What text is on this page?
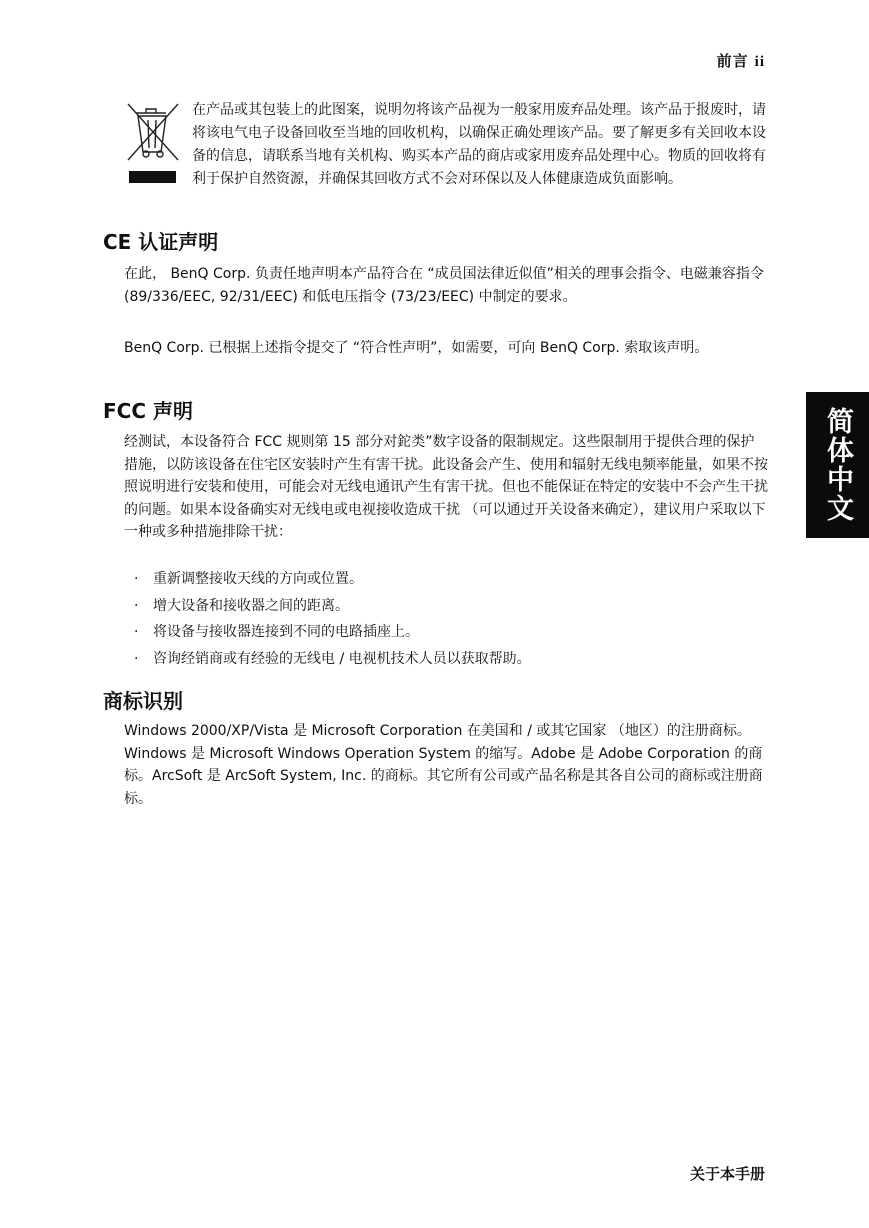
前言 ii

在产品或其包装上的此图案，说明勿将该产品视为一般家用废弃品处理。该产品于报废时，请将该电气电子设备回收至当地的回收机构，以确保正确处理该产品。要了解更多有关回收本设备的信息，请联系当地有关机构、购买本产品的商店或家用废弃品处理中心。物质的回收将有利于保护自然资源，并确保其回收方式不会对环保以及人体健康造成负面影响。

简体中文
CE 认证声明

在此， BenQ Corp. 负责任地声明本产品符合在 “成员国法律近似值”相关的理事会指令、电磁兼容指令 (89/336/EEC, 92/31/EEC) 和低电压指令 (73/23/EEC) 中制定的要求。

BenQ Corp. 已根据上述指令提交了 “符合性声明”，如需要，可向 BenQ Corp. 索取该声明。

FCC 声明

经测试，本设备符合 FCC 规则第 15 部分对鉈类”数字设备的限制规定。这些限制用于提供合理的保护措施，以防该设备在住宅区安装时产生有害干扰。此设备会产生、使用和辐射无线电频率能量，如果不按照说明进行安装和使用，可能会对无线电通讯产生有害干扰。但也不能保证在特定的安装中不会产生干扰的问题。如果本设备确实对无线电或电视接收造成干扰 （可以通过开关设备来确定），建议用户采取以下一种或多种措施排除干扰：

·	重新调整接收天线的方向或位置。
·	增大设备和接收器之间的距离。
·	将设备与接收器连接到不同的电路插座上。
·	咨询经销商或有经验的无线电 / 电视机技术人员以获取帮助。
商标识别

Windows 2000/XP/Vista 是 Microsoft Corporation 在美国和 / 或其它国家 （地区）的注册商标。Windows 是 Microsoft Windows Operation System 的缩写。Adobe 是 Adobe Corporation 的商标。ArcSoft 是 ArcSoft System, Inc. 的商标。其它所有公司或产品名称是其各自公司的商标或注册商标。

关于本手册
